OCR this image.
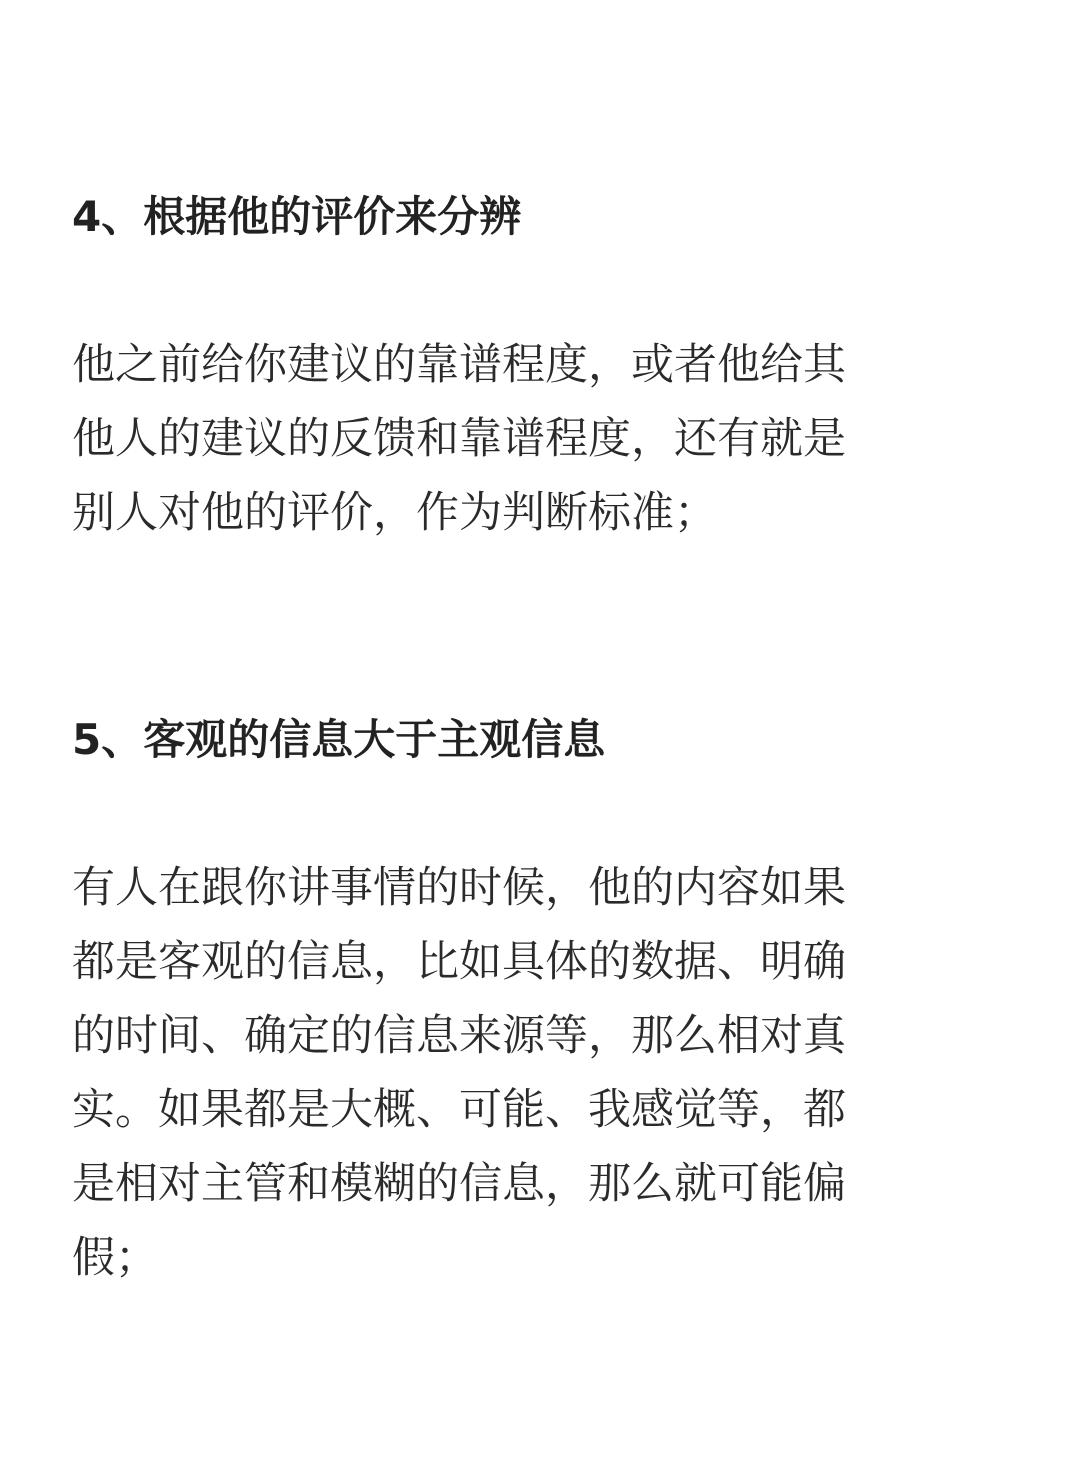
4、根据他的评价来分辨
他之前给你建议的靠谱程度，或者他给其
他人的建议的反馈和靠谱程度，还有就是
别人对他的评价，作为判断标准；
5、客观的信息大于主观信息
有人在跟你讲事情的时候，他的内容如果
都是客观的信息，比如具体的数据、明确
的时间、确定的信息来源等，那么相对真
实。如果都是大概、可能、我感觉等，都
是相对主管和模糊的信息，那么就可能偏
假；
